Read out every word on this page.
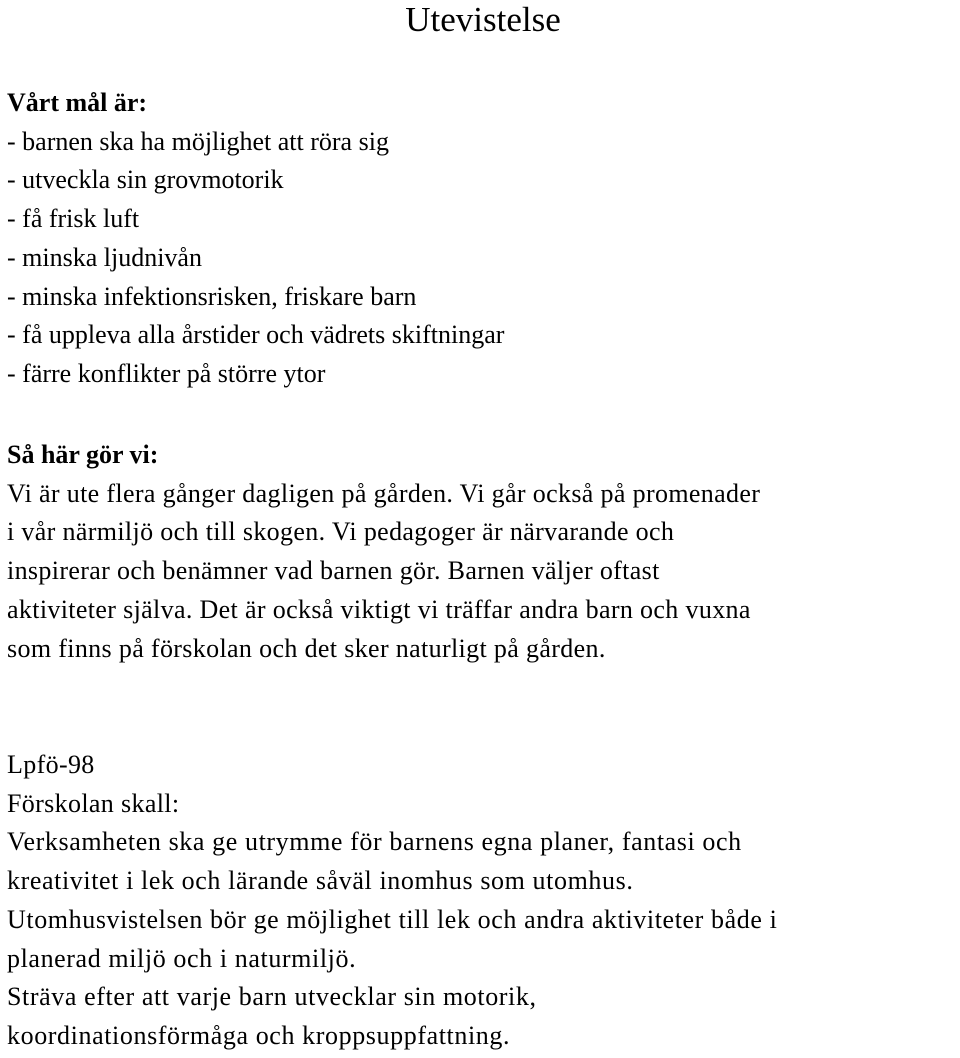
Utevistelse
Vårt mål är:
- barnen ska ha möjlighet att röra sig
- utveckla sin grovmotorik
- få frisk luft
- minska ljudnivån
- minska infektionsrisken, friskare barn
- få uppleva alla årstider och vädrets skiftningar
- färre konflikter på större ytor
Så här gör vi:
Vi är ute flera gånger dagligen på gården. Vi går också på promenader
i vår närmiljö och till skogen. Vi pedagoger är närvarande och
inspirerar och benämner vad barnen gör. Barnen väljer oftast
aktiviteter själva. Det är också viktigt vi träffar andra barn och vuxna
som finns på förskolan och det sker naturligt på gården.
Lpfö-98
Förskolan skall:
Verksamheten ska ge utrymme för barnens egna planer, fantasi och
kreativitet i lek och lärande såväl inomhus som utomhus.
Utomhusvistelsen bör ge möjlighet till lek och andra aktiviteter både i
planerad miljö och i naturmiljö.
Sträva efter att varje barn utvecklar sin motorik,
koordinationsförmåga och kroppsuppfattning.
